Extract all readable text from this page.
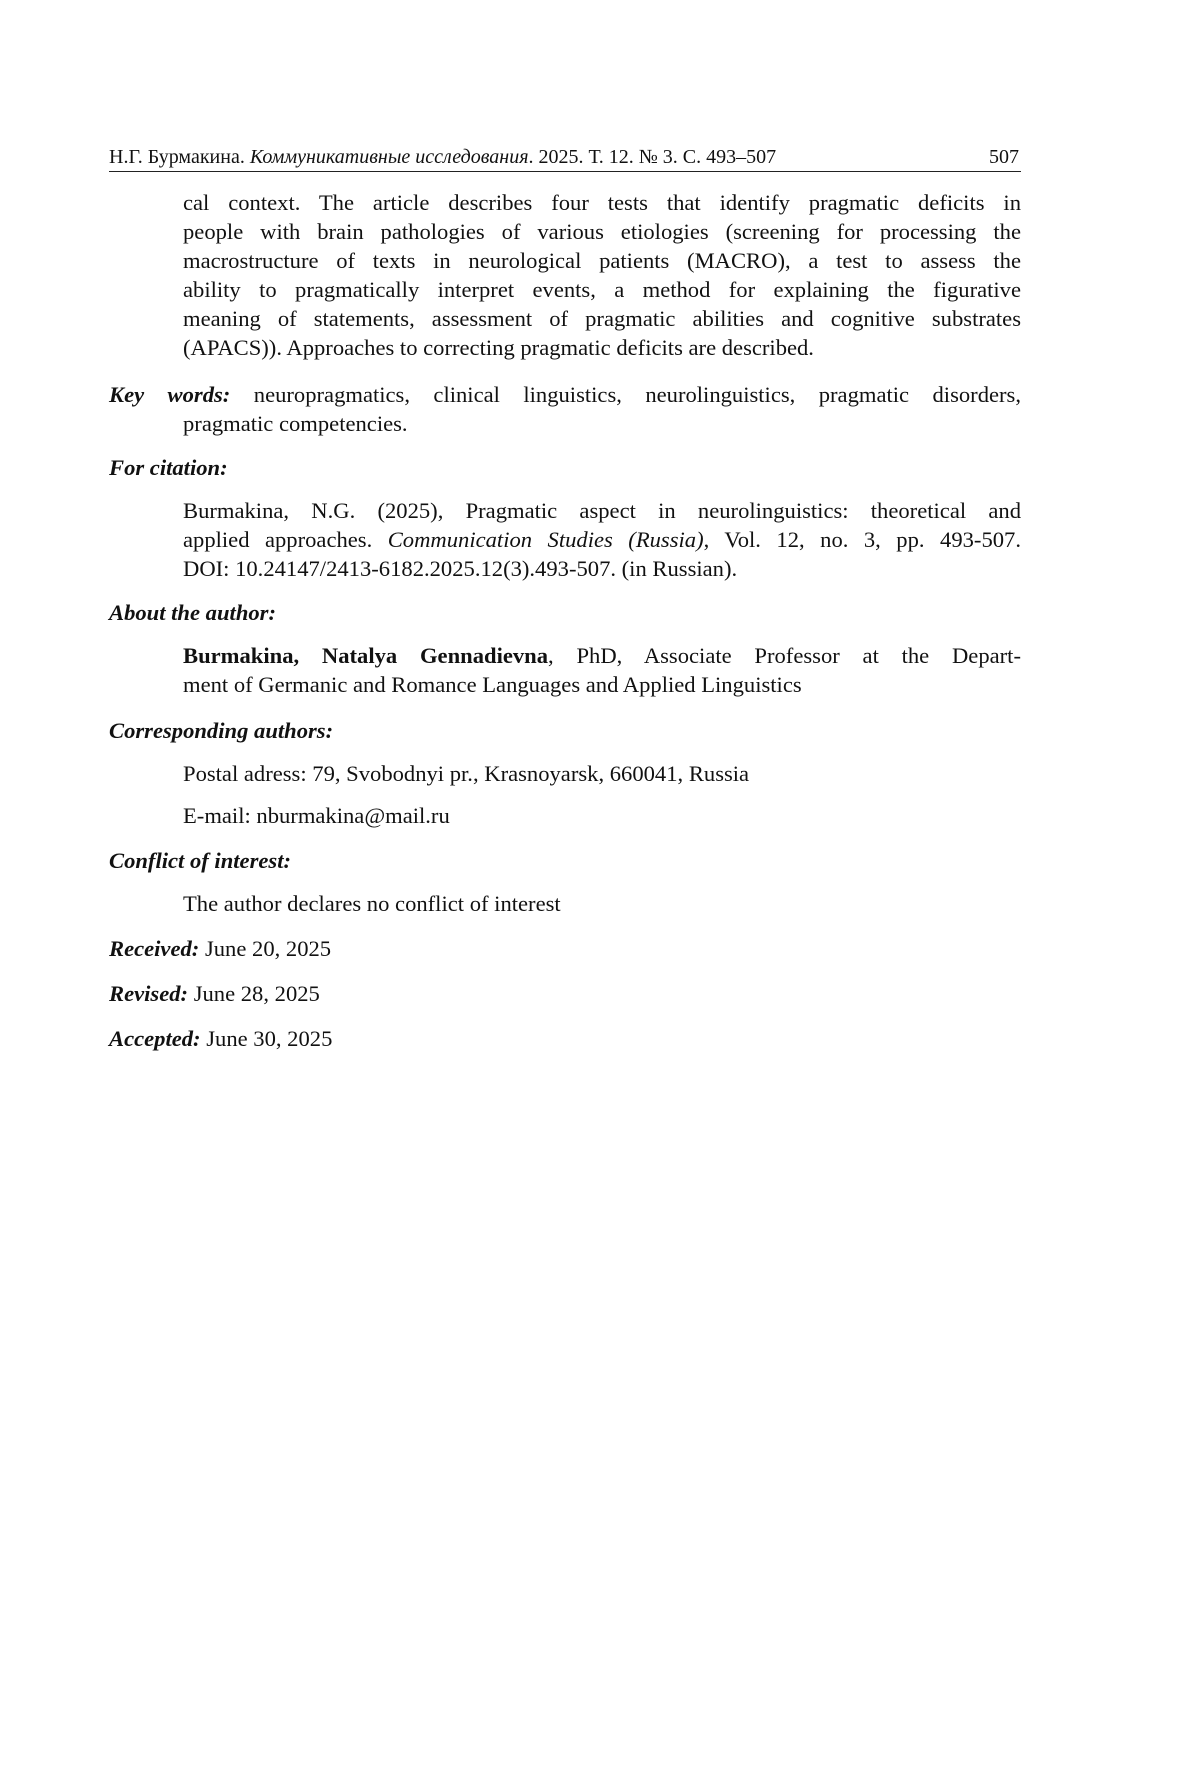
Н.Г. Бурмакина. Коммуникативные исследования. 2025. Т. 12. № 3. С. 493–507	507
cal context. The article describes four tests that identify pragmatic deficits in
people with brain pathologies of various etiologies (screening for processing the
macrostructure of texts in neurological patients (MACRO), a test to assess the
ability to pragmatically interpret events, a method for explaining the figurative
meaning of statements, assessment of pragmatic abilities and cognitive substrates
(APACS)). Approaches to correcting pragmatic deficits are described.
Key words: neuropragmatics, clinical linguistics, neurolinguistics, pragmatic disorders,
pragmatic competencies.
For citation:
Burmakina, N.G. (2025), Pragmatic aspect in neurolinguistics: theoretical and
applied approaches. Communication Studies (Russia), Vol. 12, no. 3, pp. 493-507.
DOI: 10.24147/2413-6182.2025.12(3).493-507. (in Russian).
About the author:
Burmakina, Natalya Gennadievna, PhD, Associate Professor at the Depart-
ment of Germanic and Romance Languages and Applied Linguistics
Corresponding authors:
Postal adress: 79, Svobodnyi pr., Krasnoyarsk, 660041, Russia
E-mail: nburmakina@mail.ru
Conflict of interest:
The author declares no conflict of interest
Received: June 20, 2025
Revised: June 28, 2025
Accepted: June 30, 2025
